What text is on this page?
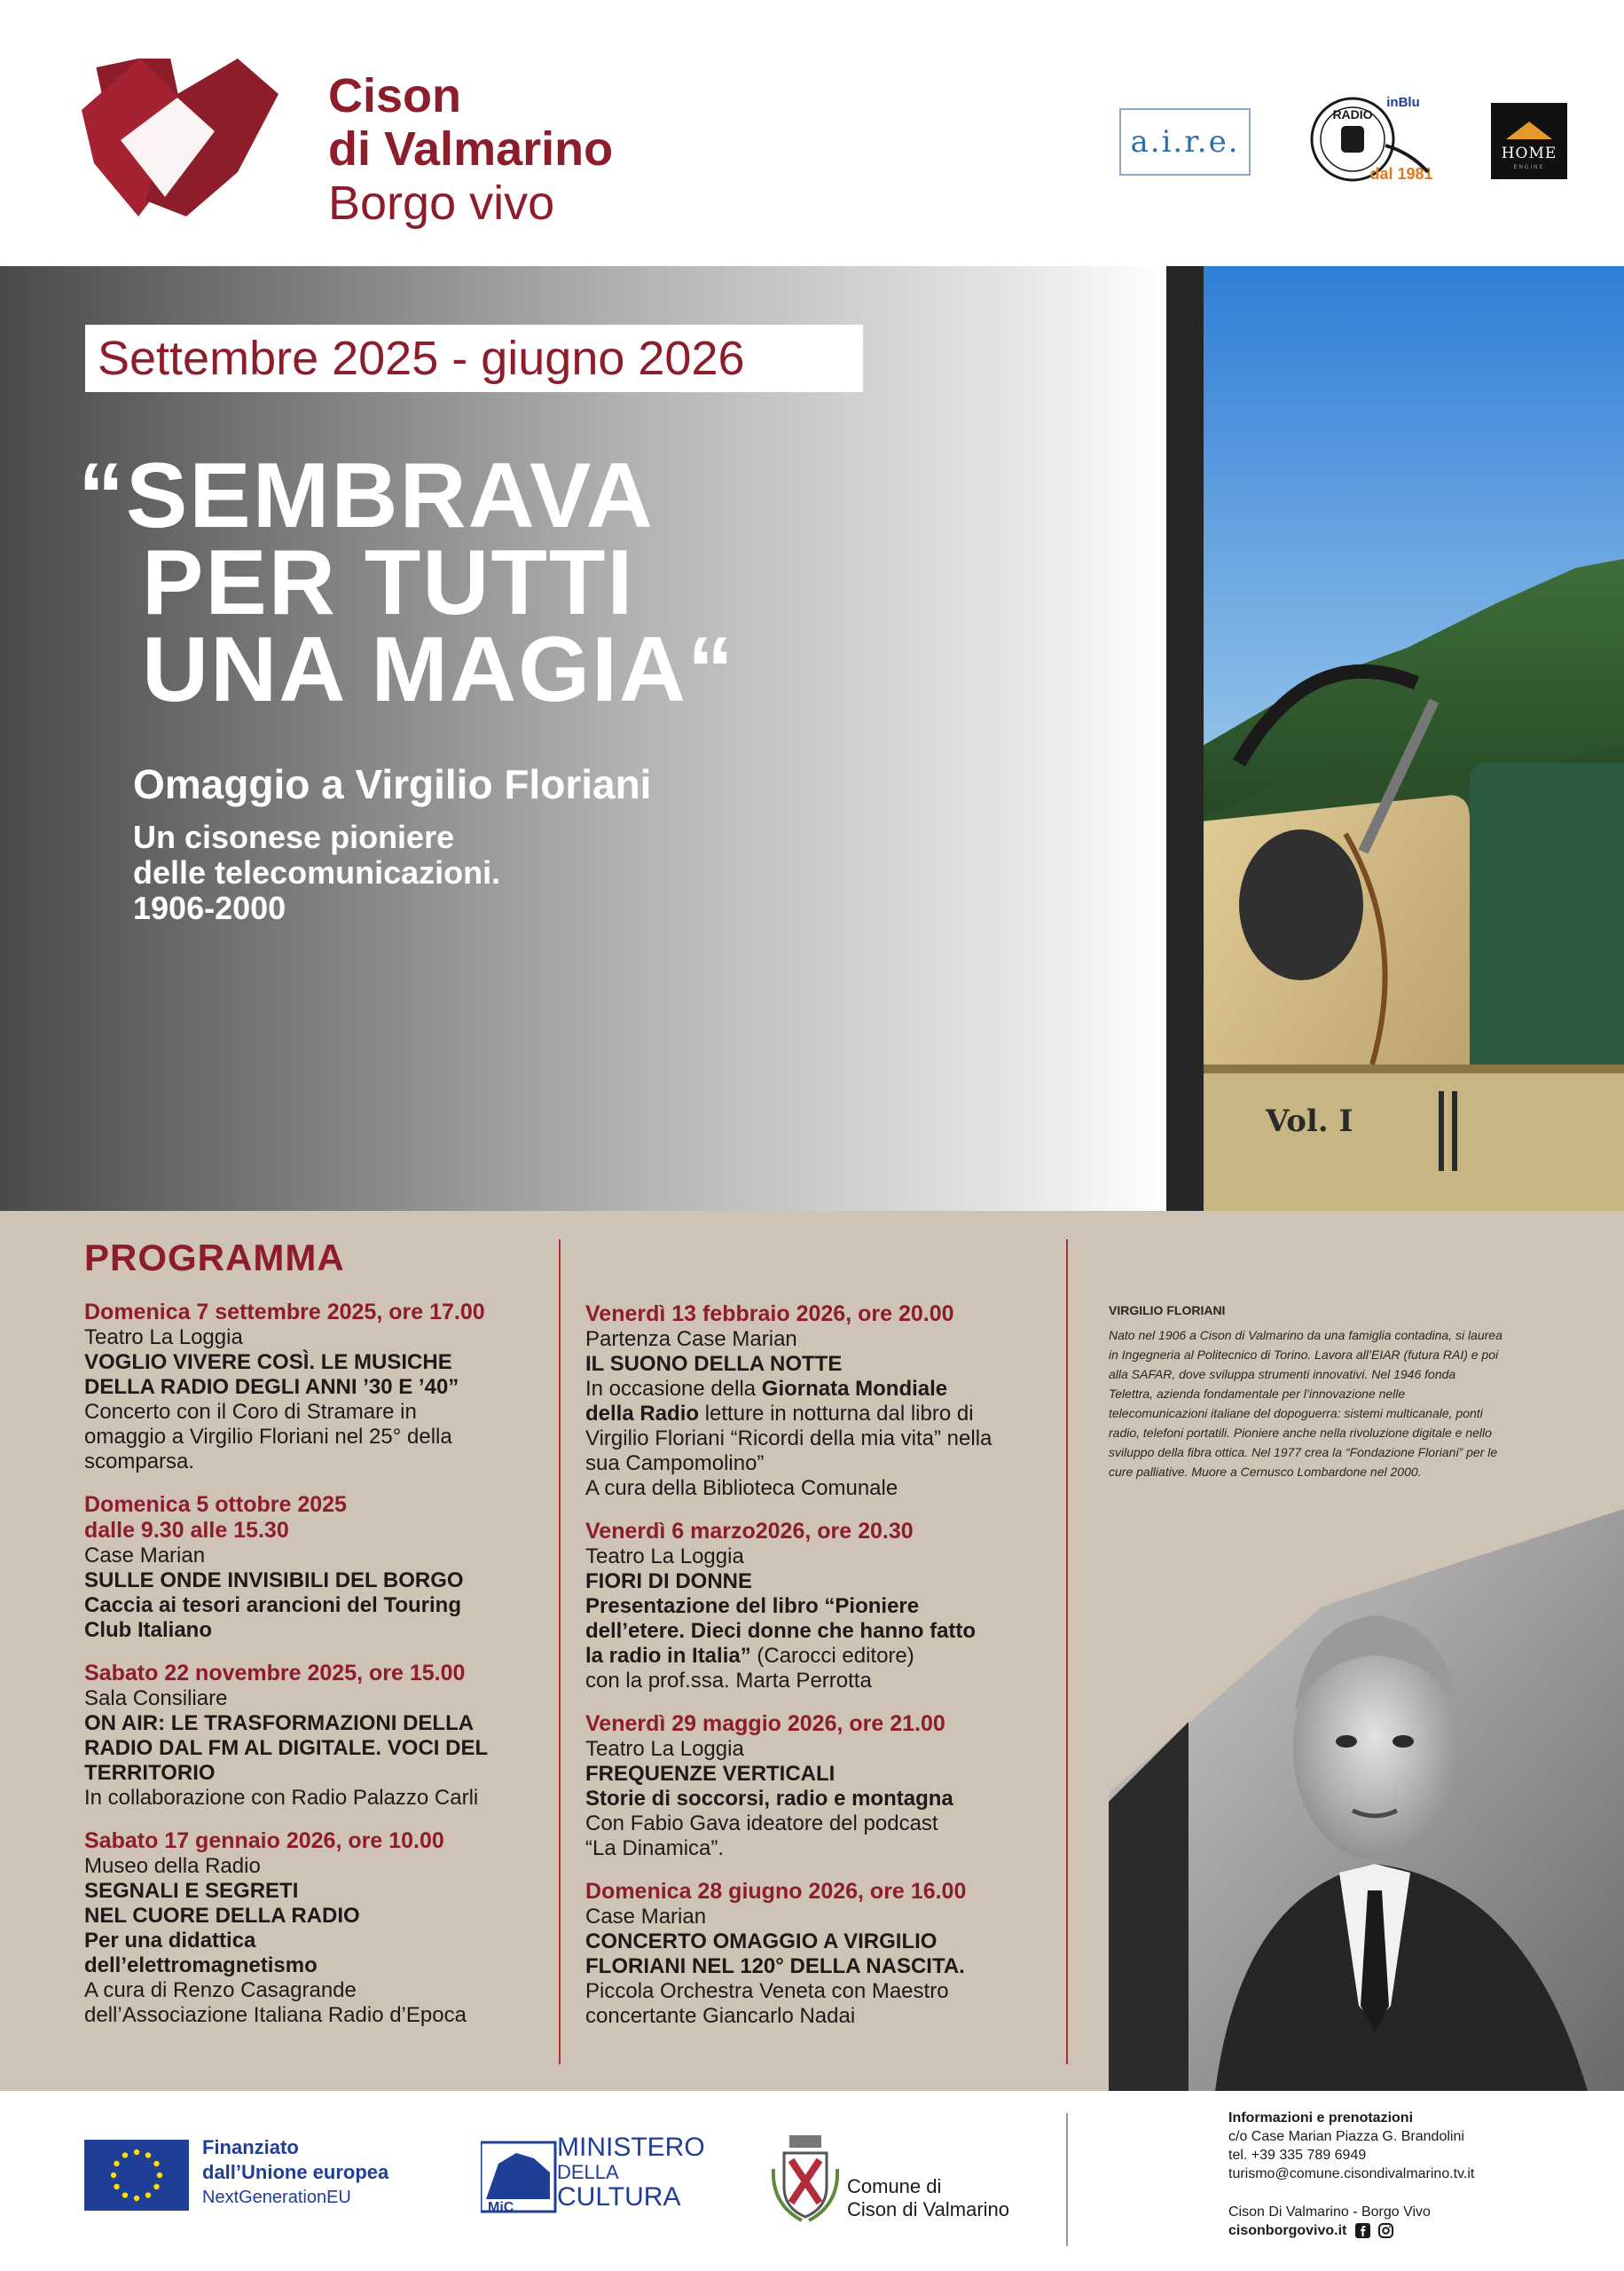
Cison
di Valmarino
Borgo vivo
a.i.r.e.
RADIO
inBlu
dal 1981
HOME
ENGINE
Vol. I
Settembre 2025 - giugno 2026
“SEMBRAVA
PER TUTTI
UNA MAGIA“
Omaggio a Virgilio Floriani
Un cisonese pioniere
delle telecomunicazioni.
1906-2000
PROGRAMMA
Domenica 7 settembre 2025, ore 17.00
Teatro La Loggia
VOGLIO VIVERE COSÌ. LE MUSICHE
DELLA RADIO DEGLI ANNI ’30 E ’40”
Concerto con il Coro di Stramare in
omaggio a Virgilio Floriani nel 25° della
scomparsa.
Domenica 5 ottobre 2025
dalle 9.30 alle 15.30
Case Marian
SULLE ONDE INVISIBILI DEL BORGO
Caccia ai tesori arancioni del Touring
Club Italiano
Sabato 22 novembre 2025, ore 15.00
Sala Consiliare
ON AIR: LE TRASFORMAZIONI DELLA
RADIO DAL FM AL DIGITALE. VOCI DEL
TERRITORIO
In collaborazione con Radio Palazzo Carli
Sabato 17 gennaio 2026, ore 10.00
Museo della Radio
SEGNALI E SEGRETI
NEL CUORE DELLA RADIO
Per una didattica
dell’elettromagnetismo
A cura di Renzo Casagrande
dell’Associazione Italiana Radio d’Epoca
Venerdì 13 febbraio 2026, ore 20.00
Partenza Case Marian
IL SUONO DELLA NOTTE
In occasione della Giornata Mondiale
della Radio letture in notturna dal libro di
Virgilio Floriani “Ricordi della mia vita” nella
sua Campomolino”
A cura della Biblioteca Comunale
Venerdì 6 marzo2026, ore 20.30
Teatro La Loggia
FIORI DI DONNE
Presentazione del libro “Pioniere
dell’etere. Dieci donne che hanno fatto
la radio in Italia” (Carocci editore)
con la prof.ssa. Marta Perrotta
Venerdì 29 maggio 2026, ore 21.00
Teatro La Loggia
FREQUENZE VERTICALI
Storie di soccorsi, radio e montagna
Con Fabio Gava ideatore del podcast
“La Dinamica”.
Domenica 28 giugno 2026, ore 16.00
Case Marian
CONCERTO OMAGGIO A VIRGILIO
FLORIANI NEL 120° DELLA NASCITA.
Piccola Orchestra Veneta con Maestro
concertante Giancarlo Nadai
VIRGILIO FLORIANI
Nato nel 1906 a Cison di Valmarino da una famiglia contadina, si laurea
in Ingegneria al Politecnico di Torino. Lavora all’EIAR (futura RAI) e poi
alla SAFAR, dove sviluppa strumenti innovativi. Nel 1946 fonda
Telettra, azienda fondamentale per l’innovazione nelle
telecomunicazioni italiane del dopoguerra: sistemi multicanale, ponti
radio, telefoni portatili. Pioniere anche nella rivoluzione digitale e nello
sviluppo della fibra ottica. Nel 1977 crea la “Fondazione Floriani” per le
cure palliative. Muore a Cernusco Lombardone nel 2000.
Finanziato
dall’Unione europea
NextGenerationEU
MiC
MINISTERO
DELLA
CULTURA	Comune di
Cison di Valmarino
Informazioni e prenotazioni
c/o Case Marian Piazza G. Brandolini
tel. +39 335 789 6949
turismo@comune.cisondivalmarino.tv.it
Cison Di Valmarino - Borgo Vivo
cisonborgovivo.it
